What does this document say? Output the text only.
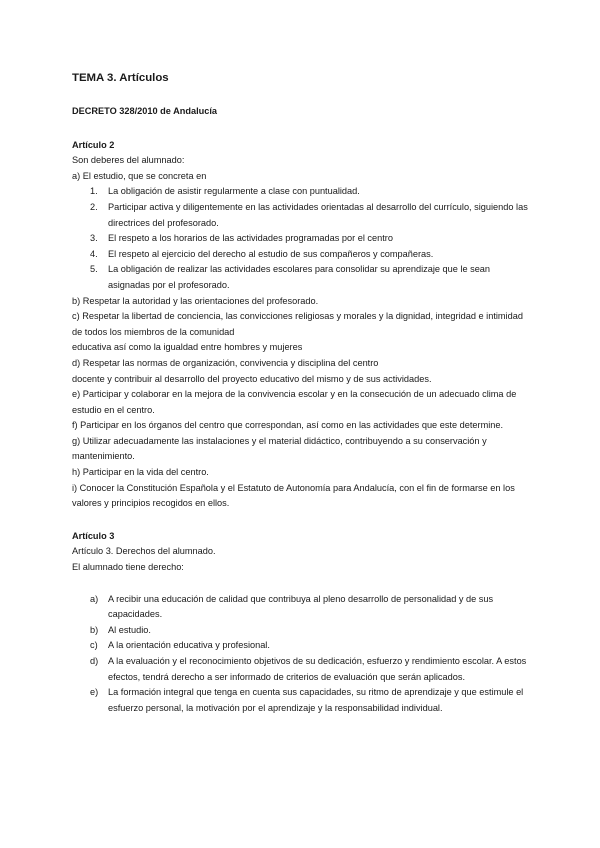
TEMA 3. Artículos

DECRETO 328/2010 de Andalucía

Artículo 2

Son deberes del alumnado:

a) El estudio, que se concreta en

1. La obligación de asistir regularmente a clase con puntualidad.
2. Participar activa y diligentemente en las actividades orientadas al desarrollo del currículo, siguiendo las directrices del profesorado.
3. El respeto a los horarios de las actividades programadas por el centro
4. El respeto al ejercicio del derecho al estudio de sus compañeros y compañeras.
5. La obligación de realizar las actividades escolares para consolidar su aprendizaje que le sean asignadas por el profesorado.

b) Respetar la autoridad y las orientaciones del profesorado.

c) Respetar la libertad de conciencia, las convicciones religiosas y morales y la dignidad, integridad e intimidad de todos los miembros de la comunidad

educativa así como la igualdad entre hombres y mujeres

d) Respetar las normas de organización, convivencia y disciplina del centro

docente y contribuir al desarrollo del proyecto educativo del mismo y de sus actividades.

e) Participar y colaborar en la mejora de la convivencia escolar y en la consecución de un adecuado clima de estudio en el centro.

f) Participar en los órganos del centro que correspondan, así como en las actividades que este determine.

g) Utilizar adecuadamente las instalaciones y el material didáctico, contribuyendo a su conservación y mantenimiento.

h) Participar en la vida del centro.

i) Conocer la Constitución Española y el Estatuto de Autonomía para Andalucía, con el fin de formarse en los valores y principios recogidos en ellos.

Artículo 3

Artículo 3. Derechos del alumnado.

El alumnado tiene derecho:

a) A recibir una educación de calidad que contribuya al pleno desarrollo de personalidad y de sus capacidades.
b) Al estudio.
c) A la orientación educativa y profesional.
d) A la evaluación y el reconocimiento objetivos de su dedicación, esfuerzo y rendimiento escolar. A estos efectos, tendrá derecho a ser informado de criterios de evaluación que serán aplicados.
e) La formación integral que tenga en cuenta sus capacidades, su ritmo de aprendizaje y que estimule el esfuerzo personal, la motivación por el aprendizaje y la responsabilidad individual.
